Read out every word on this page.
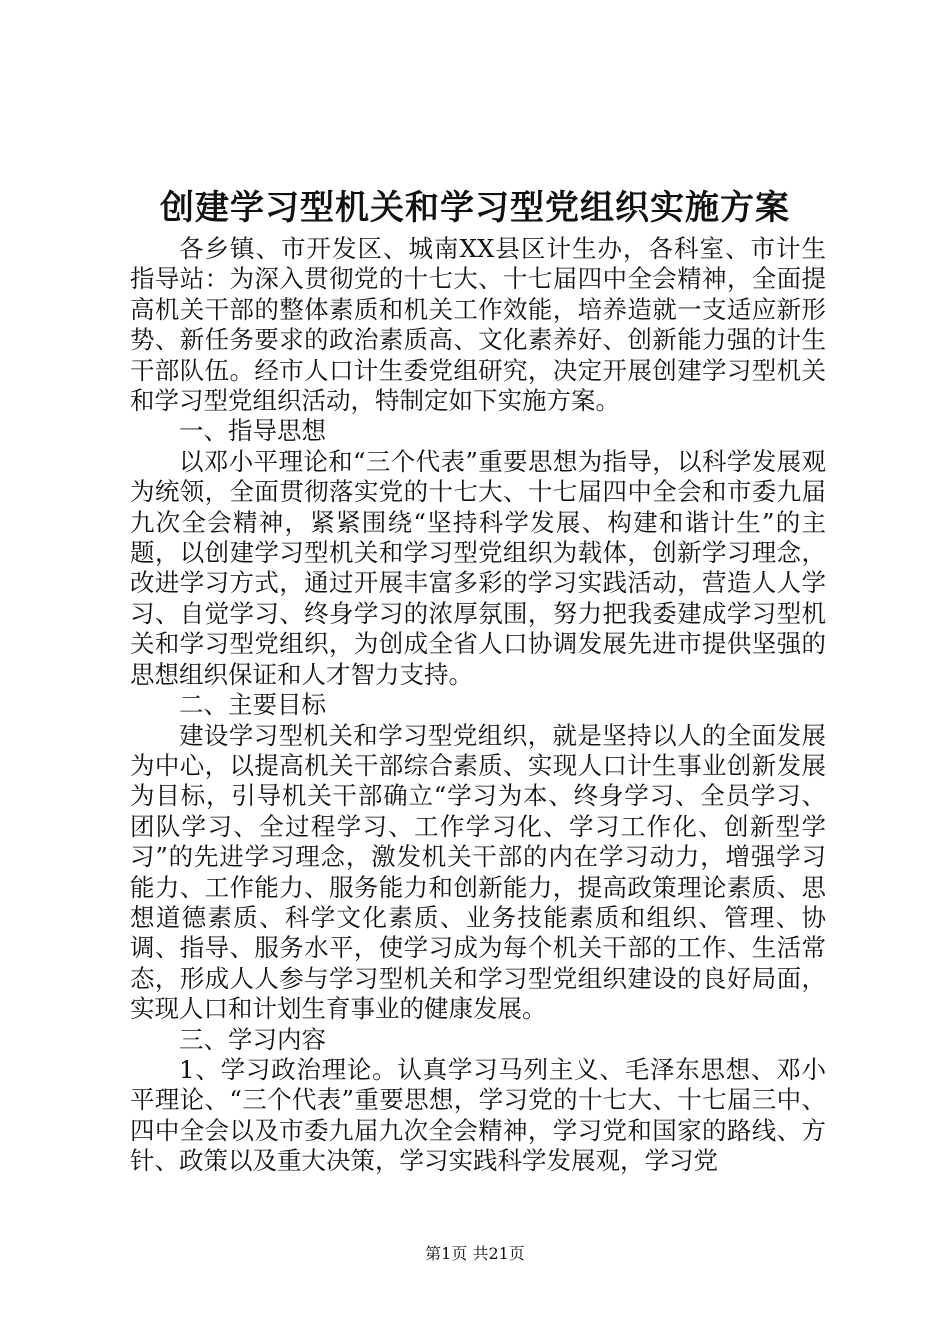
创建学习型机关和学习型党组织实施方案

各乡镇、市开发区、城南XX县区计生办，各科室、市计生指导站：为深入贯彻党的十七大、十七届四中全会精神，全面提高机关干部的整体素质和机关工作效能，培养造就一支适应新形势、新任务要求的政治素质高、文化素养好、创新能力强的计生干部队伍。经市人口计生委党组研究，决定开展创建学习型机关和学习型党组织活动，特制定如下实施方案。

一、指导思想

以邓小平理论和“三个代表”重要思想为指导，以科学发展观为统领，全面贯彻落实党的十七大、十七届四中全会和市委九届九次全会精神，紧紧围绕“坚持科学发展、构建和谐计生”的主题，以创建学习型机关和学习型党组织为载体，创新学习理念，改进学习方式，通过开展丰富多彩的学习实践活动，营造人人学习、自觉学习、终身学习的浓厚氛围，努力把我委建成学习型机关和学习型党组织，为创成全省人口协调发展先进市提供坚强的思想组织保证和人才智力支持。

二、主要目标

建设学习型机关和学习型党组织，就是坚持以人的全面发展为中心，以提高机关干部综合素质、实现人口计生事业创新发展为目标，引导机关干部确立“学习为本、终身学习、全员学习、团队学习、全过程学习、工作学习化、学习工作化、创新型学习”的先进学习理念，激发机关干部的内在学习动力，增强学习能力、工作能力、服务能力和创新能力，提高政策理论素质、思想道德素质、科学文化素质、业务技能素质和组织、管理、协调、指导、服务水平，使学习成为每个机关干部的工作、生活常态，形成人人参与学习型机关和学习型党组织建设的良好局面，实现人口和计划生育事业的健康发展。

三、学习内容

1、学习政治理论。认真学习马列主义、毛泽东思想、邓小平理论、“三个代表”重要思想，学习党的十七大、十七届三中、四中全会以及市委九届九次全会精神，学习党和国家的路线、方针、政策以及重大决策，学习实践科学发展观，学习党

第1页 共21页
